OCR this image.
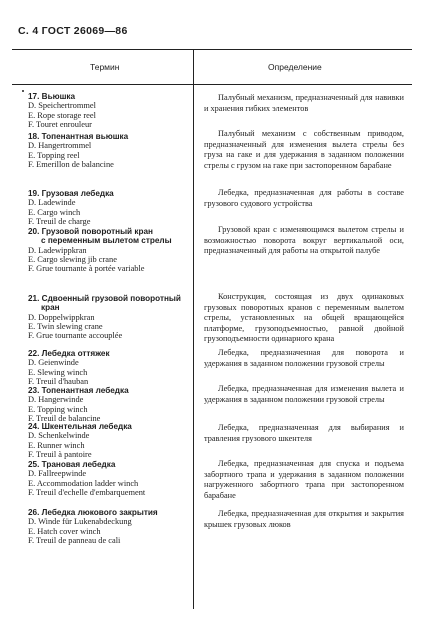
С. 4 ГОСТ 26069—86
Термин	Определение
17. Вьюшка
D. Speichertrommel
E. Rope storage reel
F. Touret enrouleur
Палубный механизм, предназначенный для навивки и хранения гибких элементов
18. Топенантная вьюшка
D. Hangertrommel
E. Topping reel
F. Emerillon de balancine
Палубный механизм с собственным приводом, предназначенный для изменения вылета стрелы без груза на гаке и для удержания в заданном положении стрелы с грузом на гаке при застопоренном барабане
19. Грузовая лебедка
D. Ladewinde
E. Cargo winch
F. Treuil de charge
Лебедка, предназначенная для работы в составе грузового судового устройства
20. Грузовой поворотный кран
с переменным вылетом стрелы
D. Ladewippkran
E. Cargo slewing jib crane
F. Grue tournante à portée variable
Грузовой кран с изменяющимся вылетом стрелы и возможностью поворота вокруг вертикальной оси, предназначенный для работы на открытой палубе
21. Сдвоенный грузовой поворотный
кран
D. Doppelwippkran
E. Twin slewing crane
F. Grue tournante accouplée
Конструкция, состоящая из двух одинаковых грузовых поворотных кранов с переменным вылетом стрелы, установленных на общей вращающейся платформе, грузоподъемностью, равной двойной грузоподъемности одинарного крана
22. Лебедка оттяжек
D. Geienwinde
E. Slewing winch
F. Treuil d'hauban
Лебедка, предназначенная для поворота и удержания в заданном положении грузовой стрелы
23. Топенантная лебедка
D. Hangerwinde
E. Topping winch
F. Treuil de balancine
Лебедка, предназначенная для изменения вылета и удержания в заданном положении грузовой стрелы
24. Шкентельная лебедка
D. Schenkelwinde
E. Runner winch
F. Treuil à pantoire
Лебедка, предназначенная для выбирания и травления грузового шкентеля
25. Трановая лебедка
D. Fallreepwinde
E. Accommodation ladder winch
F. Treuil d'echelle d'embarquement
Лебедка, предназначенная для спуска и подъема забортного трапа и удержания в заданном положении нагруженного забортного трапа при застопоренном барабане
26. Лебедка люкового закрытия
D. Winde für Lukenabdeckung
E. Hatch cover winch
F. Treuil de panneau de cali
Лебедка, предназначенная для открытия и закрытия крышек грузовых люков
